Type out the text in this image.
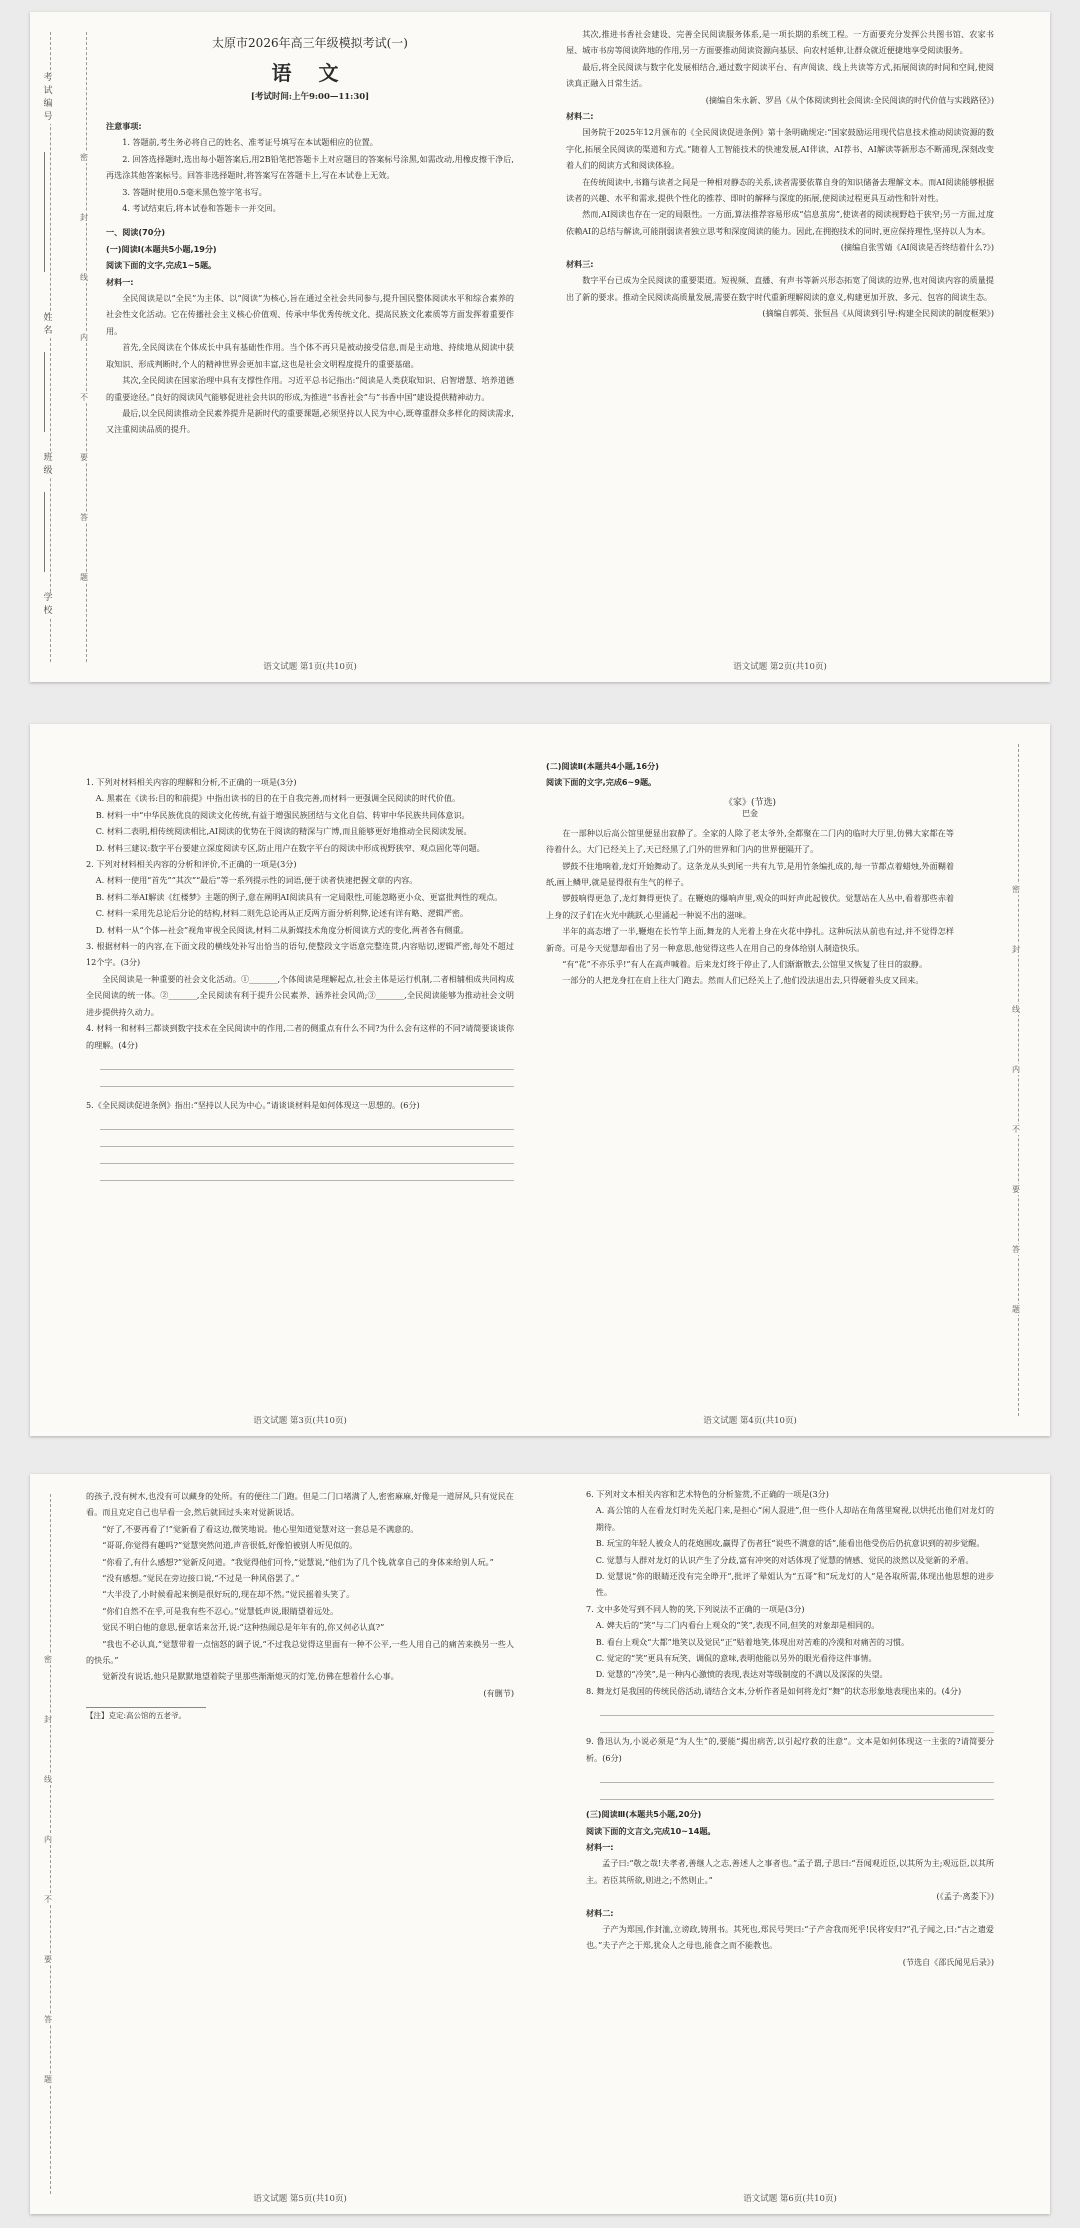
考试编号
姓名
班级
学校
密
封
线
内
不
要
答
题
太原市2026年高三年级模拟考试(一)
语 文
[考试时间:上午9:00—11:30]

注意事项:

1. 答题前,考生务必将自己的姓名、准考证号填写在本试题相应的位置。

2. 回答选择题时,选出每小题答案后,用2B铅笔把答题卡上对应题目的答案标号涂黑,如需改动,用橡皮擦干净后,再选涂其他答案标号。回答非选择题时,将答案写在答题卡上,写在本试卷上无效。

3. 答题时使用0.5毫米黑色签字笔书写。

4. 考试结束后,将本试卷和答题卡一并交回。

一、阅读(70分)

(一)阅读Ⅰ(本题共5小题,19分)

阅读下面的文字,完成1~5题。

材料一:

全民阅读是以“全民”为主体、以“阅读”为核心,旨在通过全社会共同参与,提升国民整体阅读水平和综合素养的社会性文化活动。它在传播社会主义核心价值观、传承中华优秀传统文化、提高民族文化素质等方面发挥着重要作用。

首先,全民阅读在个体成长中具有基础性作用。当个体不再只是被动接受信息,而是主动地、持续地从阅读中获取知识、形成判断时,个人的精神世界会更加丰富,这也是社会文明程度提升的重要基础。

其次,全民阅读在国家治理中具有支撑性作用。习近平总书记指出:“阅读是人类获取知识、启智增慧、培养道德的重要途径。”良好的阅读风气能够促进社会共识的形成,为推进“书香社会”与“书香中国”建设提供精神动力。

最后,以全民阅读推动全民素养提升是新时代的重要课题,必须坚持以人民为中心,既尊重群众多样化的阅读需求,又注重阅读品质的提升。

语文试题 第1页(共10页)

其次,推进书香社会建设、完善全民阅读服务体系,是一项长期的系统工程。一方面要充分发挥公共图书馆、农家书屋、城市书房等阅读阵地的作用,另一方面要推动阅读资源向基层、向农村延伸,让群众就近便捷地享受阅读服务。

最后,将全民阅读与数字化发展相结合,通过数字阅读平台、有声阅读、线上共读等方式,拓展阅读的时间和空间,使阅读真正融入日常生活。

(摘编自朱永新、罗昌《从个体阅读到社会阅读:全民阅读的时代价值与实践路径》)

材料二:

国务院于2025年12月颁布的《全民阅读促进条例》第十条明确规定:“国家鼓励运用现代信息技术推动阅读资源的数字化,拓展全民阅读的渠道和方式。”随着人工智能技术的快速发展,AI伴读、AI荐书、AI解读等新形态不断涌现,深刻改变着人们的阅读方式和阅读体验。

在传统阅读中,书籍与读者之间是一种相对静态的关系,读者需要依靠自身的知识储备去理解文本。而AI阅读能够根据读者的兴趣、水平和需求,提供个性化的推荐、即时的解释与深度的拓展,使阅读过程更具互动性和针对性。

然而,AI阅读也存在一定的局限性。一方面,算法推荐容易形成“信息茧房”,使读者的阅读视野趋于狭窄;另一方面,过度依赖AI的总结与解读,可能削弱读者独立思考和深度阅读的能力。因此,在拥抱技术的同时,更应保持理性,坚持以人为本。

(摘编自张雪婧《AI阅读是否终结着什么?》)

材料三:

数字平台已成为全民阅读的重要渠道。短视频、直播、有声书等新兴形态拓宽了阅读的边界,也对阅读内容的质量提出了新的要求。推动全民阅读高质量发展,需要在数字时代重新理解阅读的意义,构建更加开放、多元、包容的阅读生态。

(摘编自郭英、张恒昌《从阅读到引导:构建全民阅读的制度框架》)

语文试题 第2页(共10页)

1. 下列对材料相关内容的理解和分析,不正确的一项是(3分)

A. 黑素在《读书:目的和前提》中指出读书的目的在于自我完善,而材料一更强调全民阅读的时代价值。

B. 材料一中“中华民族优良的阅读文化传统,有益于增强民族团结与文化自信、转审中华民族共同体意识。

C. 材料二表明,相传统阅读相比,AI阅读的优势在于阅读的精深与广博,而且能够更好地推动全民阅读发展。

D. 材料三建议:数字平台要建立深度阅读专区,防止用户在数字平台的阅读中形成视野狭窄、观点固化等问题。

2. 下列对材料相关内容的分析和评价,不正确的一项是(3分)

A. 材料一使用“首先”“其次”“最后”等一系列提示性的词语,便于读者快速把握文章的内容。

B. 材料二举AI解读《红楼梦》主题的例子,意在阐明AI阅读具有一定局限性,可能忽略更小众、更富批判性的观点。

C. 材料一采用先总论后分论的结构,材料二则先总论再从正反两方面分析利弊,论述有详有略、逻辑严密。

D. 材料一从“个体—社会”视角审视全民阅读,材料二从新媒技术角度分析阅读方式的变化,两者各有侧重。

3. 根据材料一的内容,在下面文段的横线处补写出恰当的语句,使整段文字语意完整连贯,内容贴切,逻辑严密,每处不超过12个字。(3分)

全民阅读是一种重要的社会文化活动。①_______,个体阅读是理解起点,社会主体是运行机制,二者相辅相成共同构成全民阅读的统一体。②_______,全民阅读有利于提升公民素养、涵养社会风尚;③_______,全民阅读能够为推动社会文明进步提供持久动力。

4. 材料一和材料三都谈到数字技术在全民阅读中的作用,二者的侧重点有什么不同?为什么会有这样的不同?请简要谈谈你的理解。(4分)

5.《全民阅读促进条例》指出:“坚持以人民为中心。”请谈谈材料是如何体现这一思想的。(6分)

语文试题 第3页(共10页)

(二)阅读Ⅱ(本题共4小题,16分)

阅读下面的文字,完成6~9题。

《家》(节选)
巴金

在一部种以后高公馆里便显出寂静了。全家的人除了老太爷外,全都聚在二门内的临时大厅里,仿佛大家都在等待着什么。大门已经关上了,天已经黑了,门外的世界和门内的世界便隔开了。

锣鼓不住地响着,龙灯开始舞动了。这条龙从头到尾一共有九节,是用竹条编扎成的,每一节都点着蜡烛,外面糊着纸,画上鳞甲,就是显得很有生气的样子。

锣鼓响得更急了,龙灯舞得更快了。在鞭炮的爆响声里,观众的叫好声此起彼伏。觉慧站在人丛中,看着那些赤着上身的汉子们在火光中跳跃,心里涌起一种说不出的滋味。

半年的高态增了一半,鞭炮在长竹竿上面,舞龙的人光着上身在火花中挣扎。这种玩法从前也有过,并不觉得怎样新奇。可是今天觉慧却看出了另一种意思,他觉得这些人在用自己的身体给别人制造快乐。

“有“花”不亦乐乎!”有人在高声喊着。后来龙灯终于停止了,人们渐渐散去,公馆里又恢复了往日的寂静。

一部分的人把龙身扛在肩上往大门跑去。然而人们已经关上了,他们没法退出去,只得硬着头皮又回来。

语文试题 第4页(共10页)
密
封
线
内
不
要
答
题
密
封
线
内
不
要
答
题

的孩子,没有树木,也没有可以藏身的处所。有的便往二门跑。但是二门口堵满了人,密密麻麻,好像是一道屏风,只有觉民在看。而且克定自己也早看一会,然后就回过头来对觉新说话。

“好了,不要再看了!”觉新看了看这边,微笑地说。他心里知道觉慧对这一套总是不满意的。

“哥哥,你觉得有趣吗?”觉慧突然问道,声音很低,好像怕被别人听见似的。

“你看了,有什么感想?”觉新反问道。“我觉得他们可怜,”觉慧说,“他们为了几个钱,就拿自己的身体来给别人玩。”

“没有感想。”觉民在旁边接口说,“不过是一种风俗罢了。”

“大半没了,小时候看起来倒是很好玩的,现在却不然。”觉民摇着头笑了。

“你们自然不在乎,可是我有些不忍心。”觉慧低声说,眼睛望着远处。

觉民不明白他的意思,便拿话来岔开,说:“这种热闹总是年年有的,你又何必认真?”

“我也不必认真,”觉慧带着一点恼怒的调子说,“不过我总觉得这里面有一种不公平,一些人用自己的痛苦来换另一些人的快乐。”

觉新没有说话,他只是默默地望着院子里那些渐渐熄灭的灯笼,仿佛在想着什么心事。

(有删节)

【注】克定:高公馆的五老爷。

语文试题 第5页(共10页)

6. 下列对文本相关内容和艺术特色的分析鉴赏,不正确的一项是(3分)

A. 高公馆的人在看龙灯时先关起门来,是担心“闲人混进”,但一些仆人却站在角落里窥视,以烘托出他们对龙灯的期待。

B. 玩宝的年轻人被众人的花炮围攻,赢得了伤者狂“说些不满意的话”,能看出他受伤后仍抗意识到的初步觉醒。

C. 觉慧与人群对龙灯的认识产生了分歧,富有冲突的对话体现了觉慧的情感、觉民的淡然以及觉新的矛盾。

D. 觉慧说“你的眼睛还没有完全睁开”,批评了晕姐认为“五哥”和“玩龙灯的人”是各取所需,体现出他思想的进步性。

7. 文中多处写到不同人物的笑,下列说法不正确的一项是(3分)

A. 婢夫后的“笑”与二门内看台上观众的“笑”,表现不同,但笑的对象却是相同的。

B. 看台上观众“大都”地笑以及觉民“正”贴着地笑,体现出对苦难的冷漠和对痛苦的习惯。

C. 觉定的“笑”更具有玩笑、调侃的意味,表明他能以另外的眼光看待这件事情。

D. 觉慧的“冷笑”,是一种内心激愤的表现,表达对等级制度的不满以及深深的失望。

8. 舞龙灯是我国的传统民俗活动,请结合文本,分析作者是如何将龙灯“舞”的状态形象地表现出来的。(4分)

9. 鲁迅认为,小说必须是“为人生”的,要能“揭出病苦,以引起疗救的注意”。文本是如何体现这一主张的?请简要分析。(6分)

(三)阅读Ⅲ(本题共5小题,20分)

阅读下面的文言文,完成10~14题。

材料一:

孟子曰:“敬之哉!夫孝者,善继人之志,善述人之事者也。”孟子谓,子思曰:“吾闻观近臣,以其所为主;观远臣,以其所主。若臣其所欲,则进之;不然则止。”

(《孟子·离娄下》)

材料二:

子产为郑国,作封洫,立谤政,铸刑书。其死也,郑民号哭曰:“子产舍我而死乎!民将安归?”孔子闻之,曰:“古之遗爱也。”夫子产之于郑,犹众人之母也,能食之而不能教也。

(节选自《邵氏闻见后录》)

语文试题 第6页(共10页)
